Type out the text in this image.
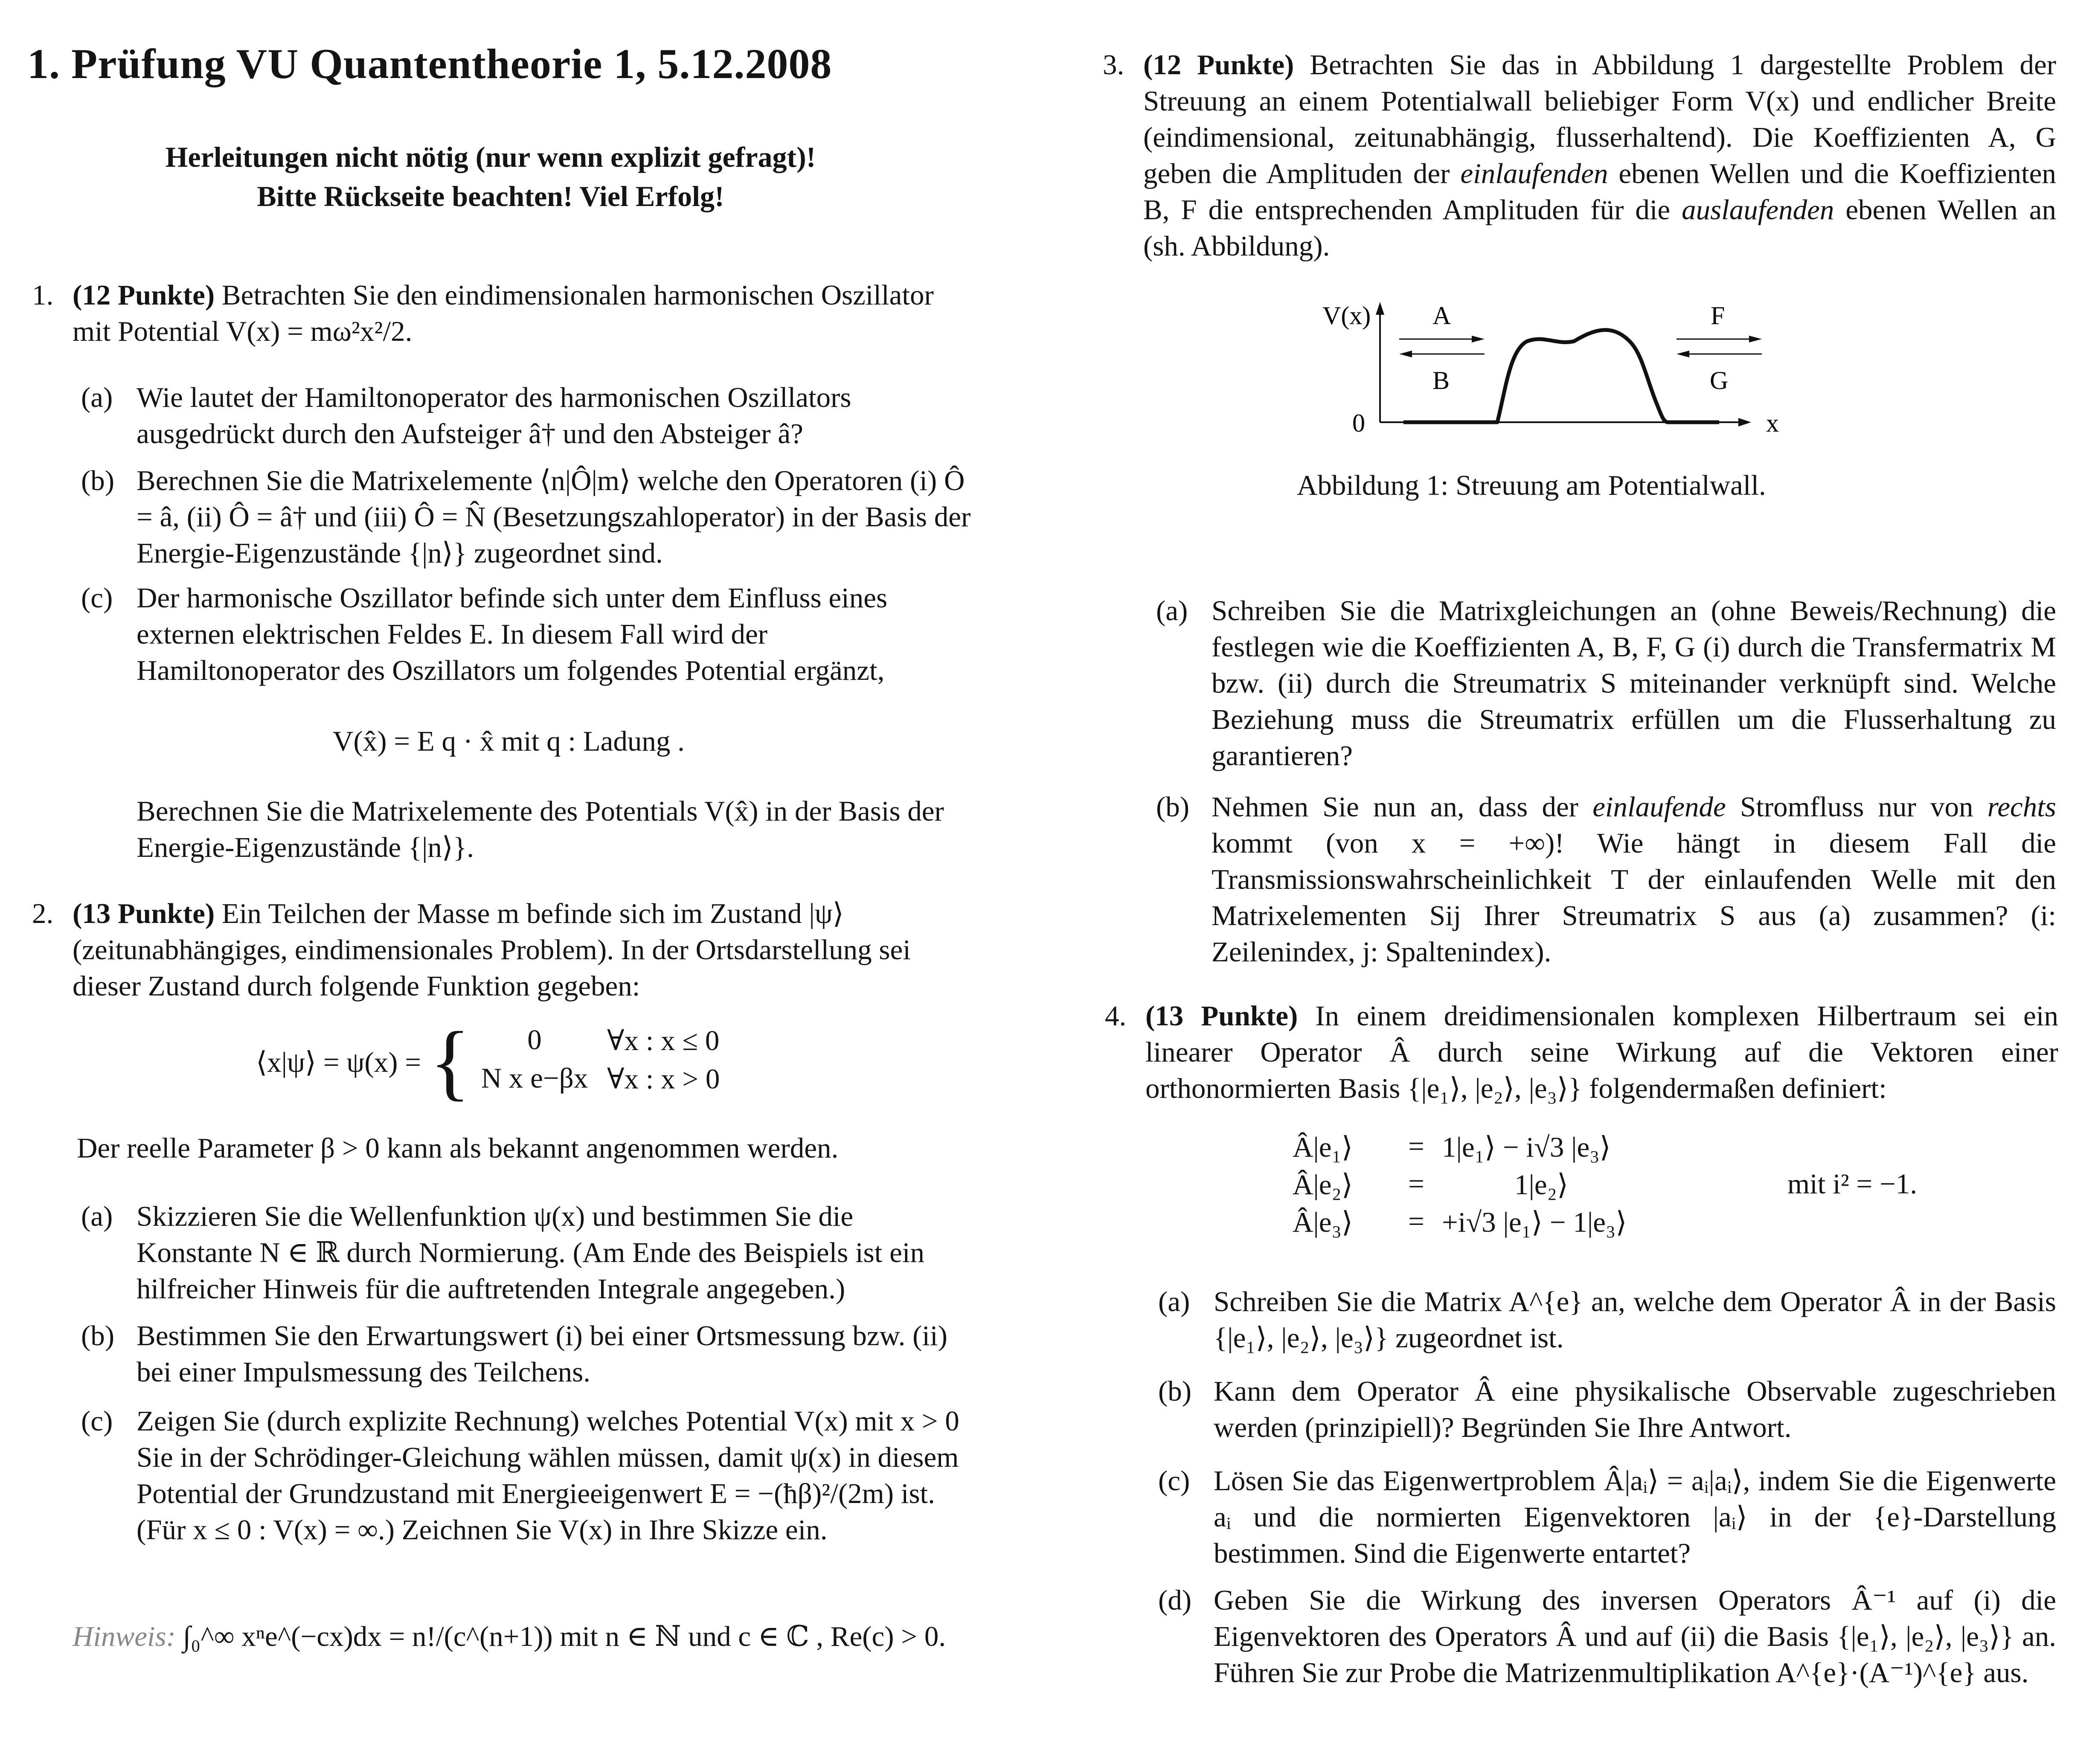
1. Prüfung VU Quantentheorie 1, 5.12.2008
Herleitungen nicht nötig (nur wenn explizit gefragt)!
Bitte Rückseite beachten! Viel Erfolg!
1. (12 Punkte) Betrachten Sie den eindimensionalen harmonischen Oszillator mit Potential V(x) = mω²x²/2.
(a) Wie lautet der Hamiltonoperator des harmonischen Oszillators ausgedrückt durch den Aufsteiger â† und den Absteiger â?
(b) Berechnen Sie die Matrixelemente ⟨n|Ô|m⟩ welche den Operatoren (i) Ô = â, (ii) Ô = â† und (iii) Ô = N̂ (Besetzungszahloperator) in der Basis der Energie-Eigenzustände {|n⟩} zugeordnet sind.
(c) Der harmonische Oszillator befinde sich unter dem Einfluss eines externen elektrischen Feldes E. In diesem Fall wird der Hamiltonoperator des Oszillators um folgendes Potential ergänzt,
V(x̂) = E q · x̂ mit q : Ladung .
Berechnen Sie die Matrixelemente des Potentials V(x̂) in der Basis der Energie-Eigenzustände {|n⟩}.
2. (13 Punkte) Ein Teilchen der Masse m befinde sich im Zustand |ψ⟩ (zeitunabhängiges, eindimensionales Problem). In der Ortsdarstellung sei dieser Zustand durch folgende Funktion gegeben:
⟨x|ψ⟩ = ψ(x) = {	0	∀x : x ≤ 0
N x e−βx ∀x : x > 0
Der reelle Parameter β > 0 kann als bekannt angenommen werden.
(a) Skizzieren Sie die Wellenfunktion ψ(x) und bestimmen Sie die Konstante N ∈ ℝ durch Normierung. (Am Ende des Beispiels ist ein hilfreicher Hinweis für die auftretenden Integrale angegeben.)
(b) Bestimmen Sie den Erwartungswert (i) bei einer Ortsmessung bzw. (ii) bei einer Impulsmessung des Teilchens.
(c) Zeigen Sie (durch explizite Rechnung) welches Potential V(x) mit x > 0 Sie in der Schrödinger-Gleichung wählen müssen, damit ψ(x) in diesem Potential der Grundzustand mit Energieeigenwert E = −(ħβ)²/(2m) ist. (Für x ≤ 0 : V(x) = ∞.) Zeichnen Sie V(x) in Ihre Skizze ein.
Hinweis: ∫₀^∞ xⁿe^(−cx)dx = n!/(c^(n+1)) mit n ∈ ℕ und c ∈ ℂ , Re(c) > 0.
3. (12 Punkte) Betrachten Sie das in Abbildung 1 dargestellte Problem der Streuung an einem Potentialwall beliebiger Form V(x) und endlicher Breite (eindimensional, zeitunabhängig, flusserhaltend). Die Koeffizienten A, G geben die Amplituden der einlaufenden ebenen Wellen und die Koeffizienten B, F die entsprechenden Amplituden für die auslaufenden ebenen Wellen an (sh. Abbildung).
V(x)
0	x
A
B
F
G
Abbildung 1: Streuung am Potentialwall.
(a) Schreiben Sie die Matrixgleichungen an (ohne Beweis/Rechnung) die festlegen wie die Koeffizienten A, B, F, G (i) durch die Transfermatrix M bzw. (ii) durch die Streumatrix S miteinander verknüpft sind. Welche Beziehung muss die Streumatrix erfüllen um die Flusserhaltung zu garantieren?
(b) Nehmen Sie nun an, dass der einlaufende Stromfluss nur von rechts kommt (von x = +∞)! Wie hängt in diesem Fall die Transmissionswahrscheinlichkeit T der einlaufenden Welle mit den Matrixelementen Sij Ihrer Streumatrix S aus (a) zusammen? (i: Zeilenindex, j: Spaltenindex).
4. (13 Punkte) In einem dreidimensionalen komplexen Hilbertraum sei ein linearer Operator Â durch seine Wirkung auf die Vektoren einer orthonormierten Basis {|e₁⟩, |e₂⟩, |e₃⟩} folgendermaßen definiert:
Â|e₁⟩	= 1|e₁⟩ − i√3 |e₃⟩
Â|e₂⟩	=	1|e₂⟩	mit i² = −1.
Â|e₃⟩	= +i√3 |e₁⟩ − 1|e₃⟩
(a) Schreiben Sie die Matrix A^{e} an, welche dem Operator Â in der Basis {|e₁⟩, |e₂⟩, |e₃⟩} zugeordnet ist.
(b) Kann dem Operator Â eine physikalische Observable zugeschrieben werden (prinzipiell)? Begründen Sie Ihre Antwort.
(c) Lösen Sie das Eigenwertproblem Â|aᵢ⟩ = aᵢ|aᵢ⟩, indem Sie die Eigenwerte aᵢ und die normierten Eigenvektoren |aᵢ⟩ in der {e}-Darstellung bestimmen. Sind die Eigenwerte entartet?
(d) Geben Sie die Wirkung des inversen Operators Â⁻¹ auf (i) die Eigenvektoren des Operators Â und auf (ii) die Basis {|e₁⟩, |e₂⟩, |e₃⟩} an. Führen Sie zur Probe die Matrizenmultiplikation A^{e}·(A⁻¹)^{e} aus.
